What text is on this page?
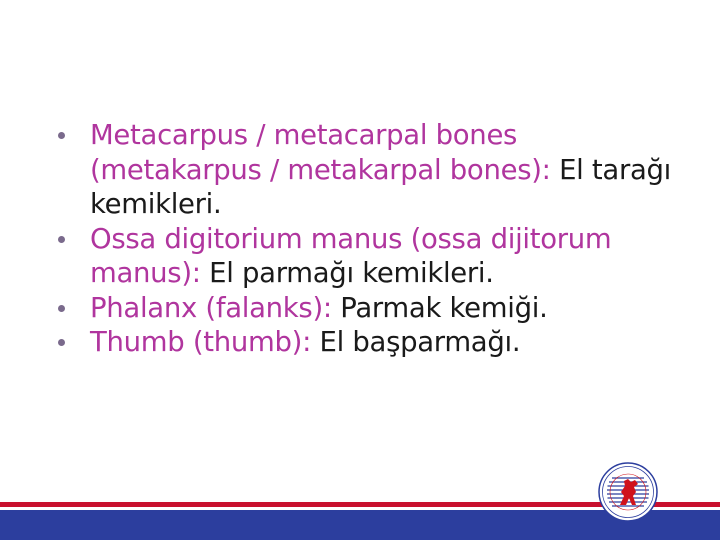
Metacarpus / metacarpal bones (metakarpus / metakarpal bones): El tarağı kemikleri.
Ossa digitorium manus (ossa dijitorum manus): El parmağı kemikleri.
Phalanx (falanks): Parmak kemiği.
Thumb (thumb): El başparmağı.
